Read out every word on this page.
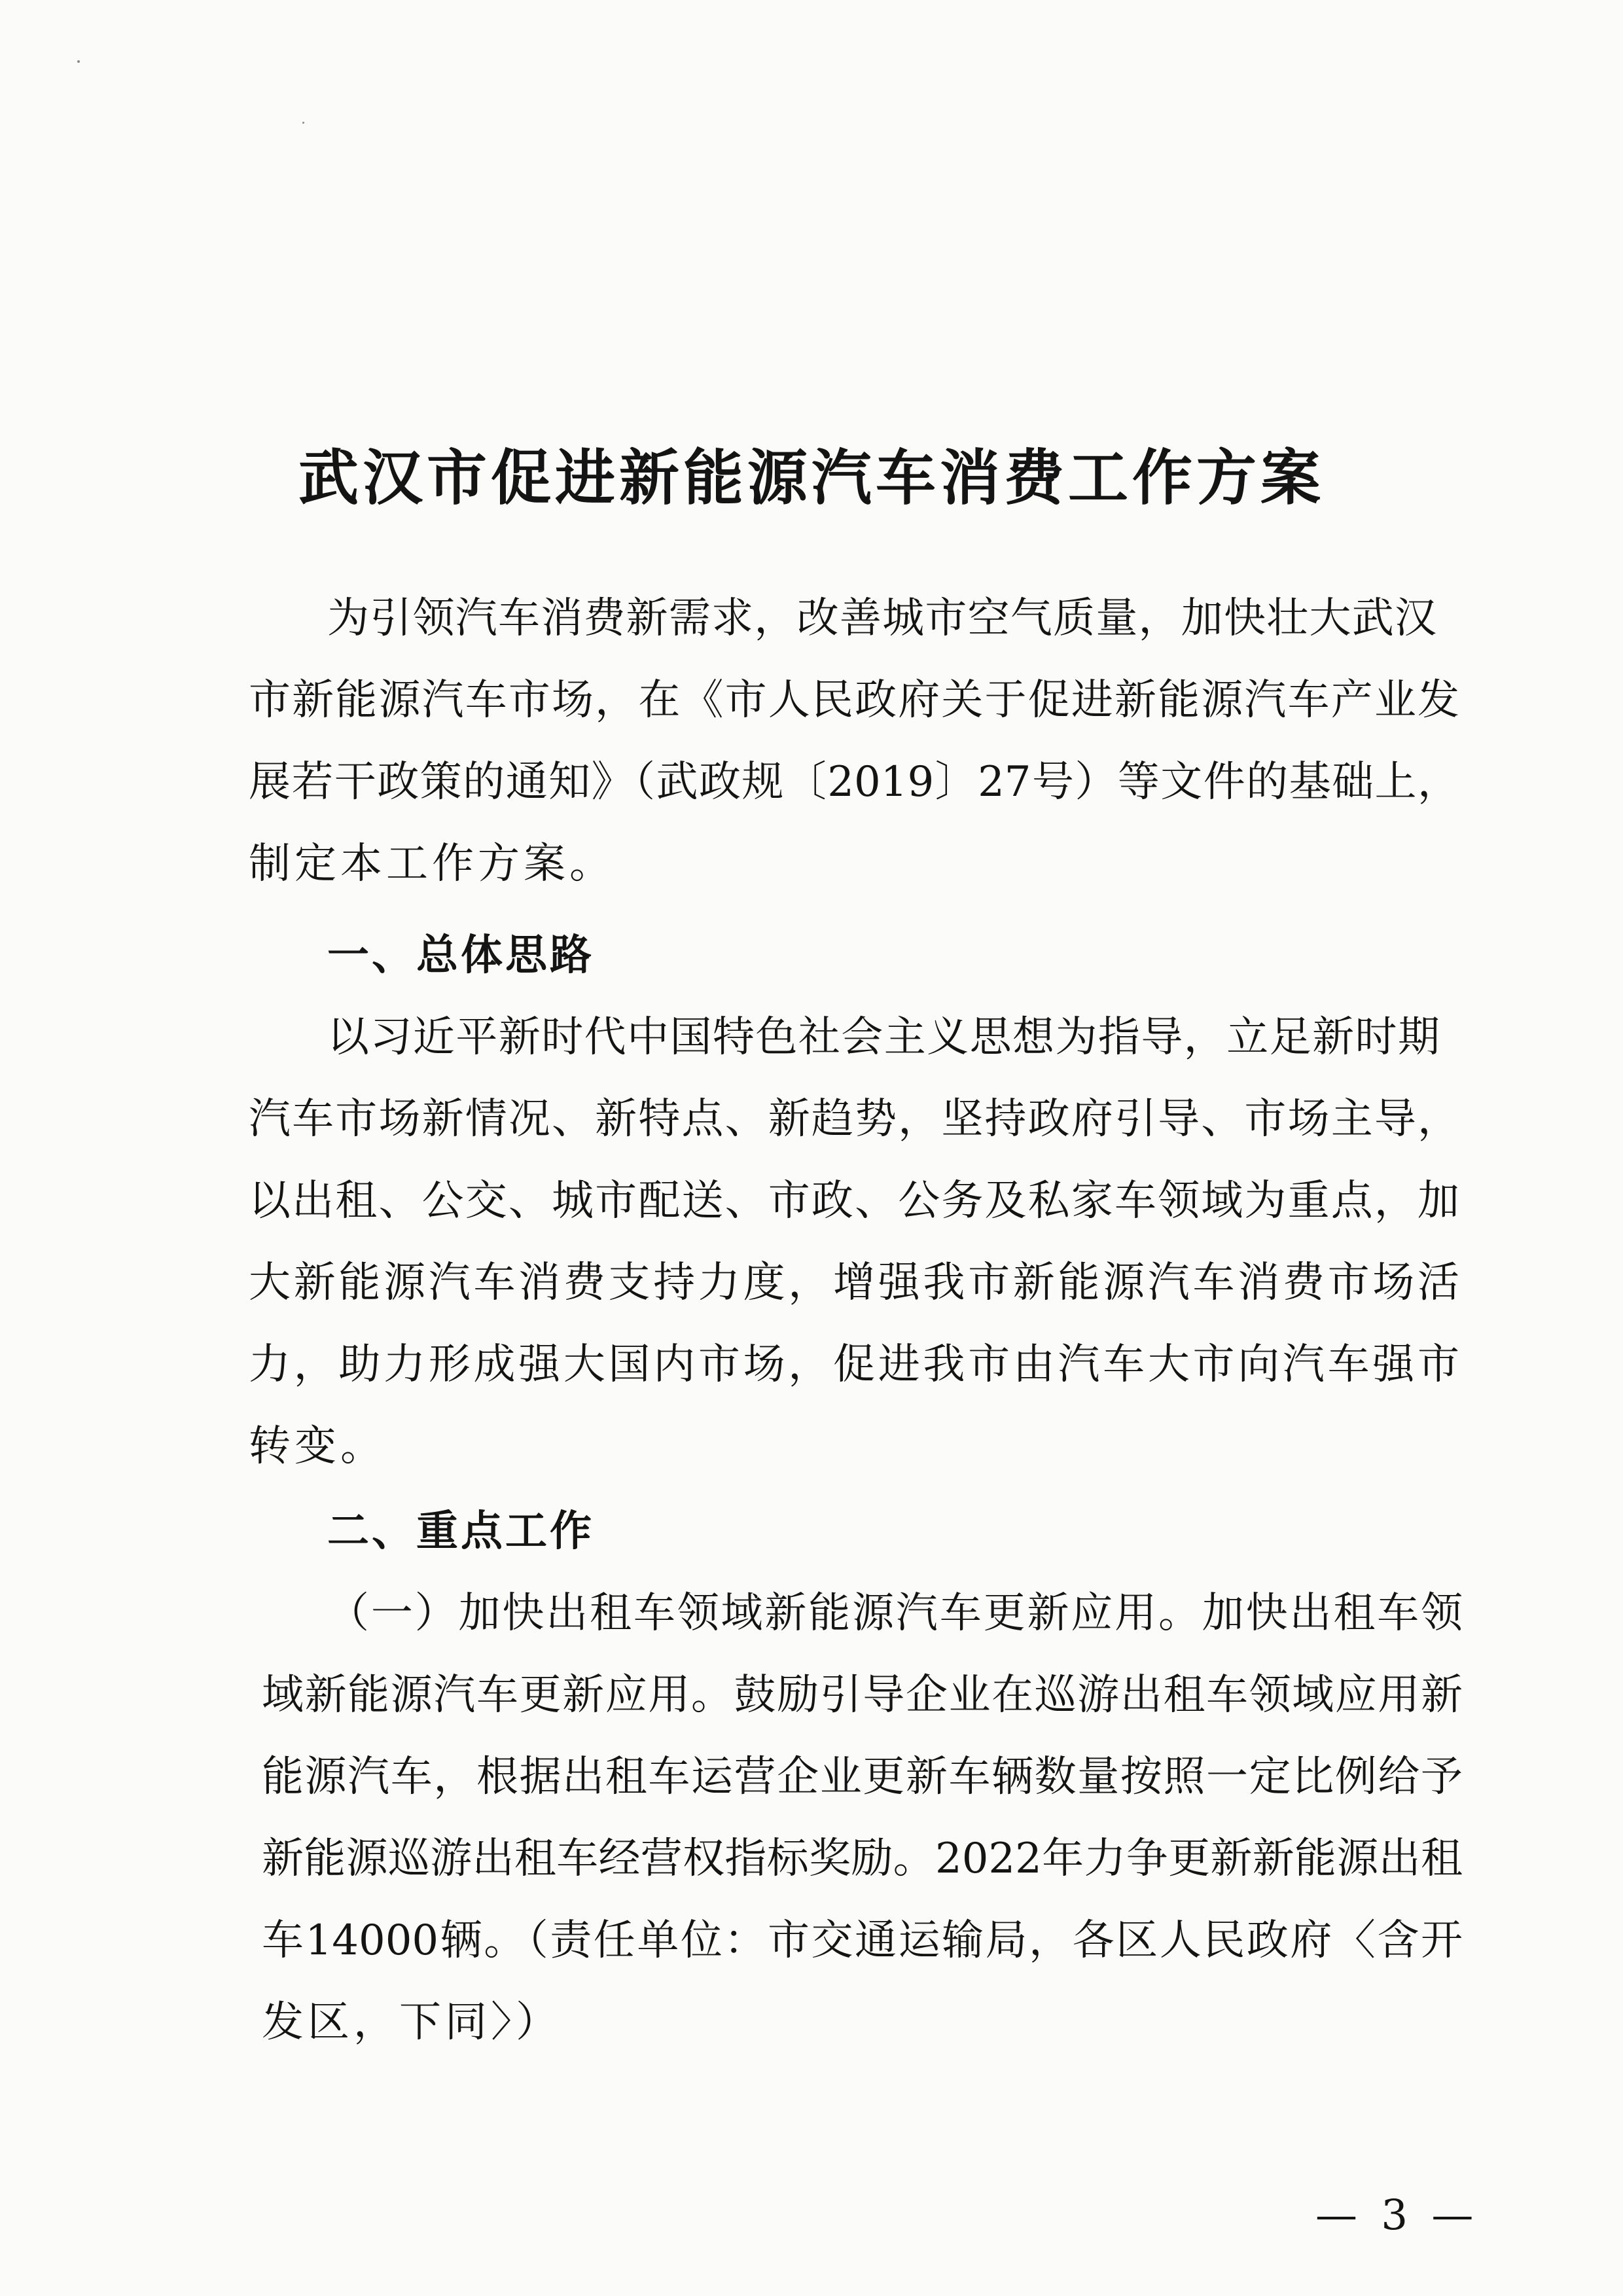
武汉市促进新能源汽车消费工作方案
为引领汽车消费新需求，改善城市空气质量，加快壮大武汉
市新能源汽车市场，在《市人民政府关于促进新能源汽车产业发
展若干政策的通知》（武政规〔2019〕27号）等文件的基础上，
制定本工作方案。
一、总体思路
以习近平新时代中国特色社会主义思想为指导，立足新时期
汽车市场新情况、新特点、新趋势，坚持政府引导、市场主导，
以出租、公交、城市配送、市政、公务及私家车领域为重点，加
大新能源汽车消费支持力度，增强我市新能源汽车消费市场活
力，助力形成强大国内市场，促进我市由汽车大市向汽车强市
转变。
二、重点工作
（一）加快出租车领域新能源汽车更新应用。加快出租车领
域新能源汽车更新应用。鼓励引导企业在巡游出租车领域应用新
能源汽车，根据出租车运营企业更新车辆数量按照一定比例给予
新能源巡游出租车经营权指标奖励。2022年力争更新新能源出租
车14000辆。（责任单位：市交通运输局，各区人民政府〈含开
发区，下同〉）
— 3 —
